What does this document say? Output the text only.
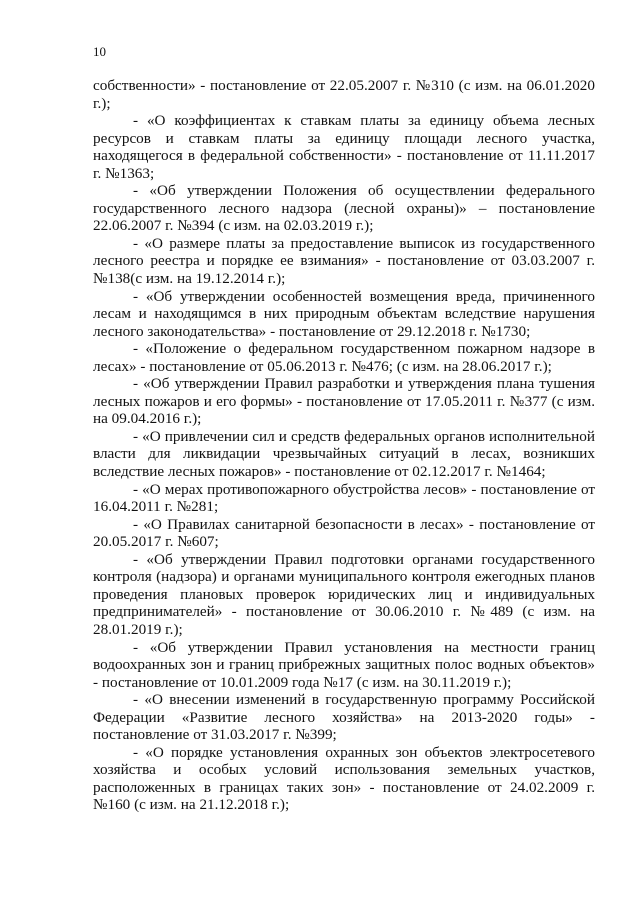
10

собственности» - постановление от 22.05.2007 г. №310 (с изм. на 06.01.2020 г.);

- «О коэффициентах к ставкам платы за единицу объема лесных ресурсов и ставкам платы за единицу площади лесного участка, находящегося в федеральной собственности» - постановление от 11.11.2017 г. №1363;

- «Об утверждении Положения об осуществлении федерального государственного лесного надзора (лесной охраны)» – постановление 22.06.2007 г. №394 (с изм. на 02.03.2019 г.);

- «О размере платы за предоставление выписок из государственного лесного реестра и порядке ее взимания» - постановление от 03.03.2007 г. №138(с изм. на 19.12.2014 г.);

- «Об утверждении особенностей возмещения вреда, причиненного лесам и находящимся в них природным объектам вследствие нарушения лесного законодательства» - постановление от 29.12.2018 г. №1730;

- «Положение о федеральном государственном пожарном надзоре в лесах» - постановление от 05.06.2013 г. №476; (с изм. на 28.06.2017 г.);

- «Об утверждении Правил разработки и утверждения плана тушения лесных пожаров и его формы» - постановление от 17.05.2011 г. №377 (с изм. на 09.04.2016 г.);

- «О привлечении сил и средств федеральных органов исполнительной власти для ликвидации чрезвычайных ситуаций в лесах, возникших вследствие лесных пожаров» - постановление от 02.12.2017 г. №1464;

- «О мерах противопожарного обустройства лесов» - постановление от 16.04.2011 г. №281;

- «О Правилах санитарной безопасности в лесах» - постановление от 20.05.2017 г. №607;

- «Об утверждении Правил подготовки органами государственного контроля (надзора) и органами муниципального контроля ежегодных планов проведения плановых проверок юридических лиц и индивидуальных предпринимателей» - постановление от 30.06.2010 г. №489 (с изм. на 28.01.2019 г.);

- «Об утверждении Правил установления на местности границ водоохранных зон и границ прибрежных защитных полос водных объектов» - постановление от 10.01.2009 года №17 (с изм. на 30.11.2019 г.);

- «О внесении изменений в государственную программу Российской Федерации «Развитие лесного хозяйства» на 2013-2020 годы» - постановление от 31.03.2017 г. №399;

- «О порядке установления охранных зон объектов электросетевого хозяйства и особых условий использования земельных участков, расположенных в границах таких зон» - постановление от 24.02.2009 г. №160 (с изм. на 21.12.2018 г.);
